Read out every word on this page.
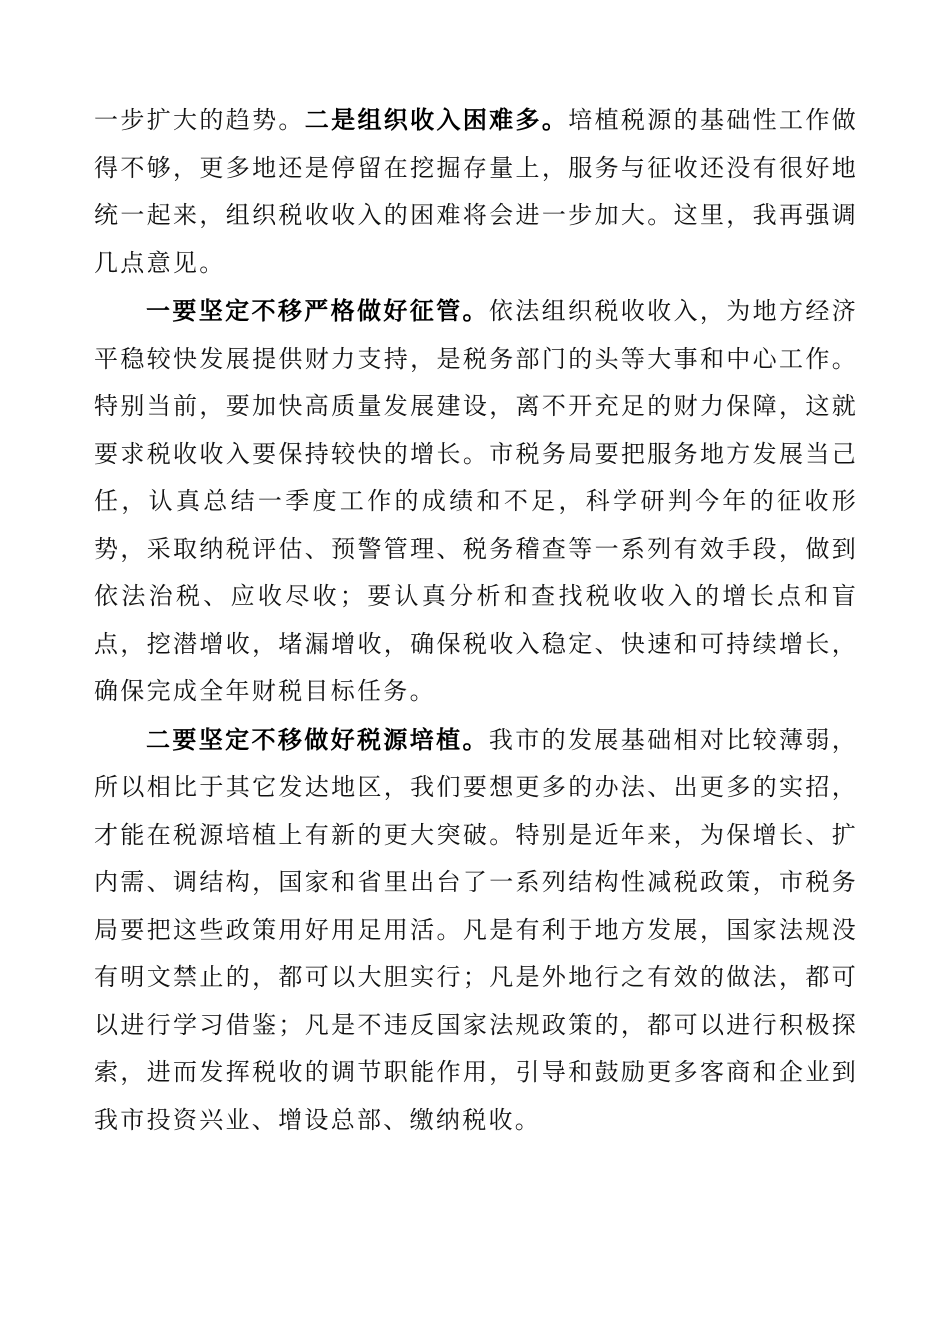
一步扩大的趋势。二是组织收入困难多。培植税源的基础性工作做得不够，更多地还是停留在挖掘存量上，服务与征收还没有很好地统一起来，组织税收收入的困难将会进一步加大。这里，我再强调几点意见。

一要坚定不移严格做好征管。依法组织税收收入，为地方经济平稳较快发展提供财力支持，是税务部门的头等大事和中心工作。特别当前，要加快高质量发展建设，离不开充足的财力保障，这就要求税收收入要保持较快的增长。市税务局要把服务地方发展当己任，认真总结一季度工作的成绩和不足，科学研判今年的征收形势，采取纳税评估、预警管理、税务稽查等一系列有效手段，做到依法治税、应收尽收；要认真分析和查找税收收入的增长点和盲点，挖潜增收，堵漏增收，确保税收入稳定、快速和可持续增长，确保完成全年财税目标任务。

二要坚定不移做好税源培植。我市的发展基础相对比较薄弱，所以相比于其它发达地区，我们要想更多的办法、出更多的实招，才能在税源培植上有新的更大突破。特别是近年来，为保增长、扩内需、调结构，国家和省里出台了一系列结构性减税政策，市税务局要把这些政策用好用足用活。凡是有利于地方发展，国家法规没有明文禁止的，都可以大胆实行；凡是外地行之有效的做法，都可以进行学习借鉴；凡是不违反国家法规政策的，都可以进行积极探索，进而发挥税收的调节职能作用，引导和鼓励更多客商和企业到我市投资兴业、增设总部、缴纳税收。
